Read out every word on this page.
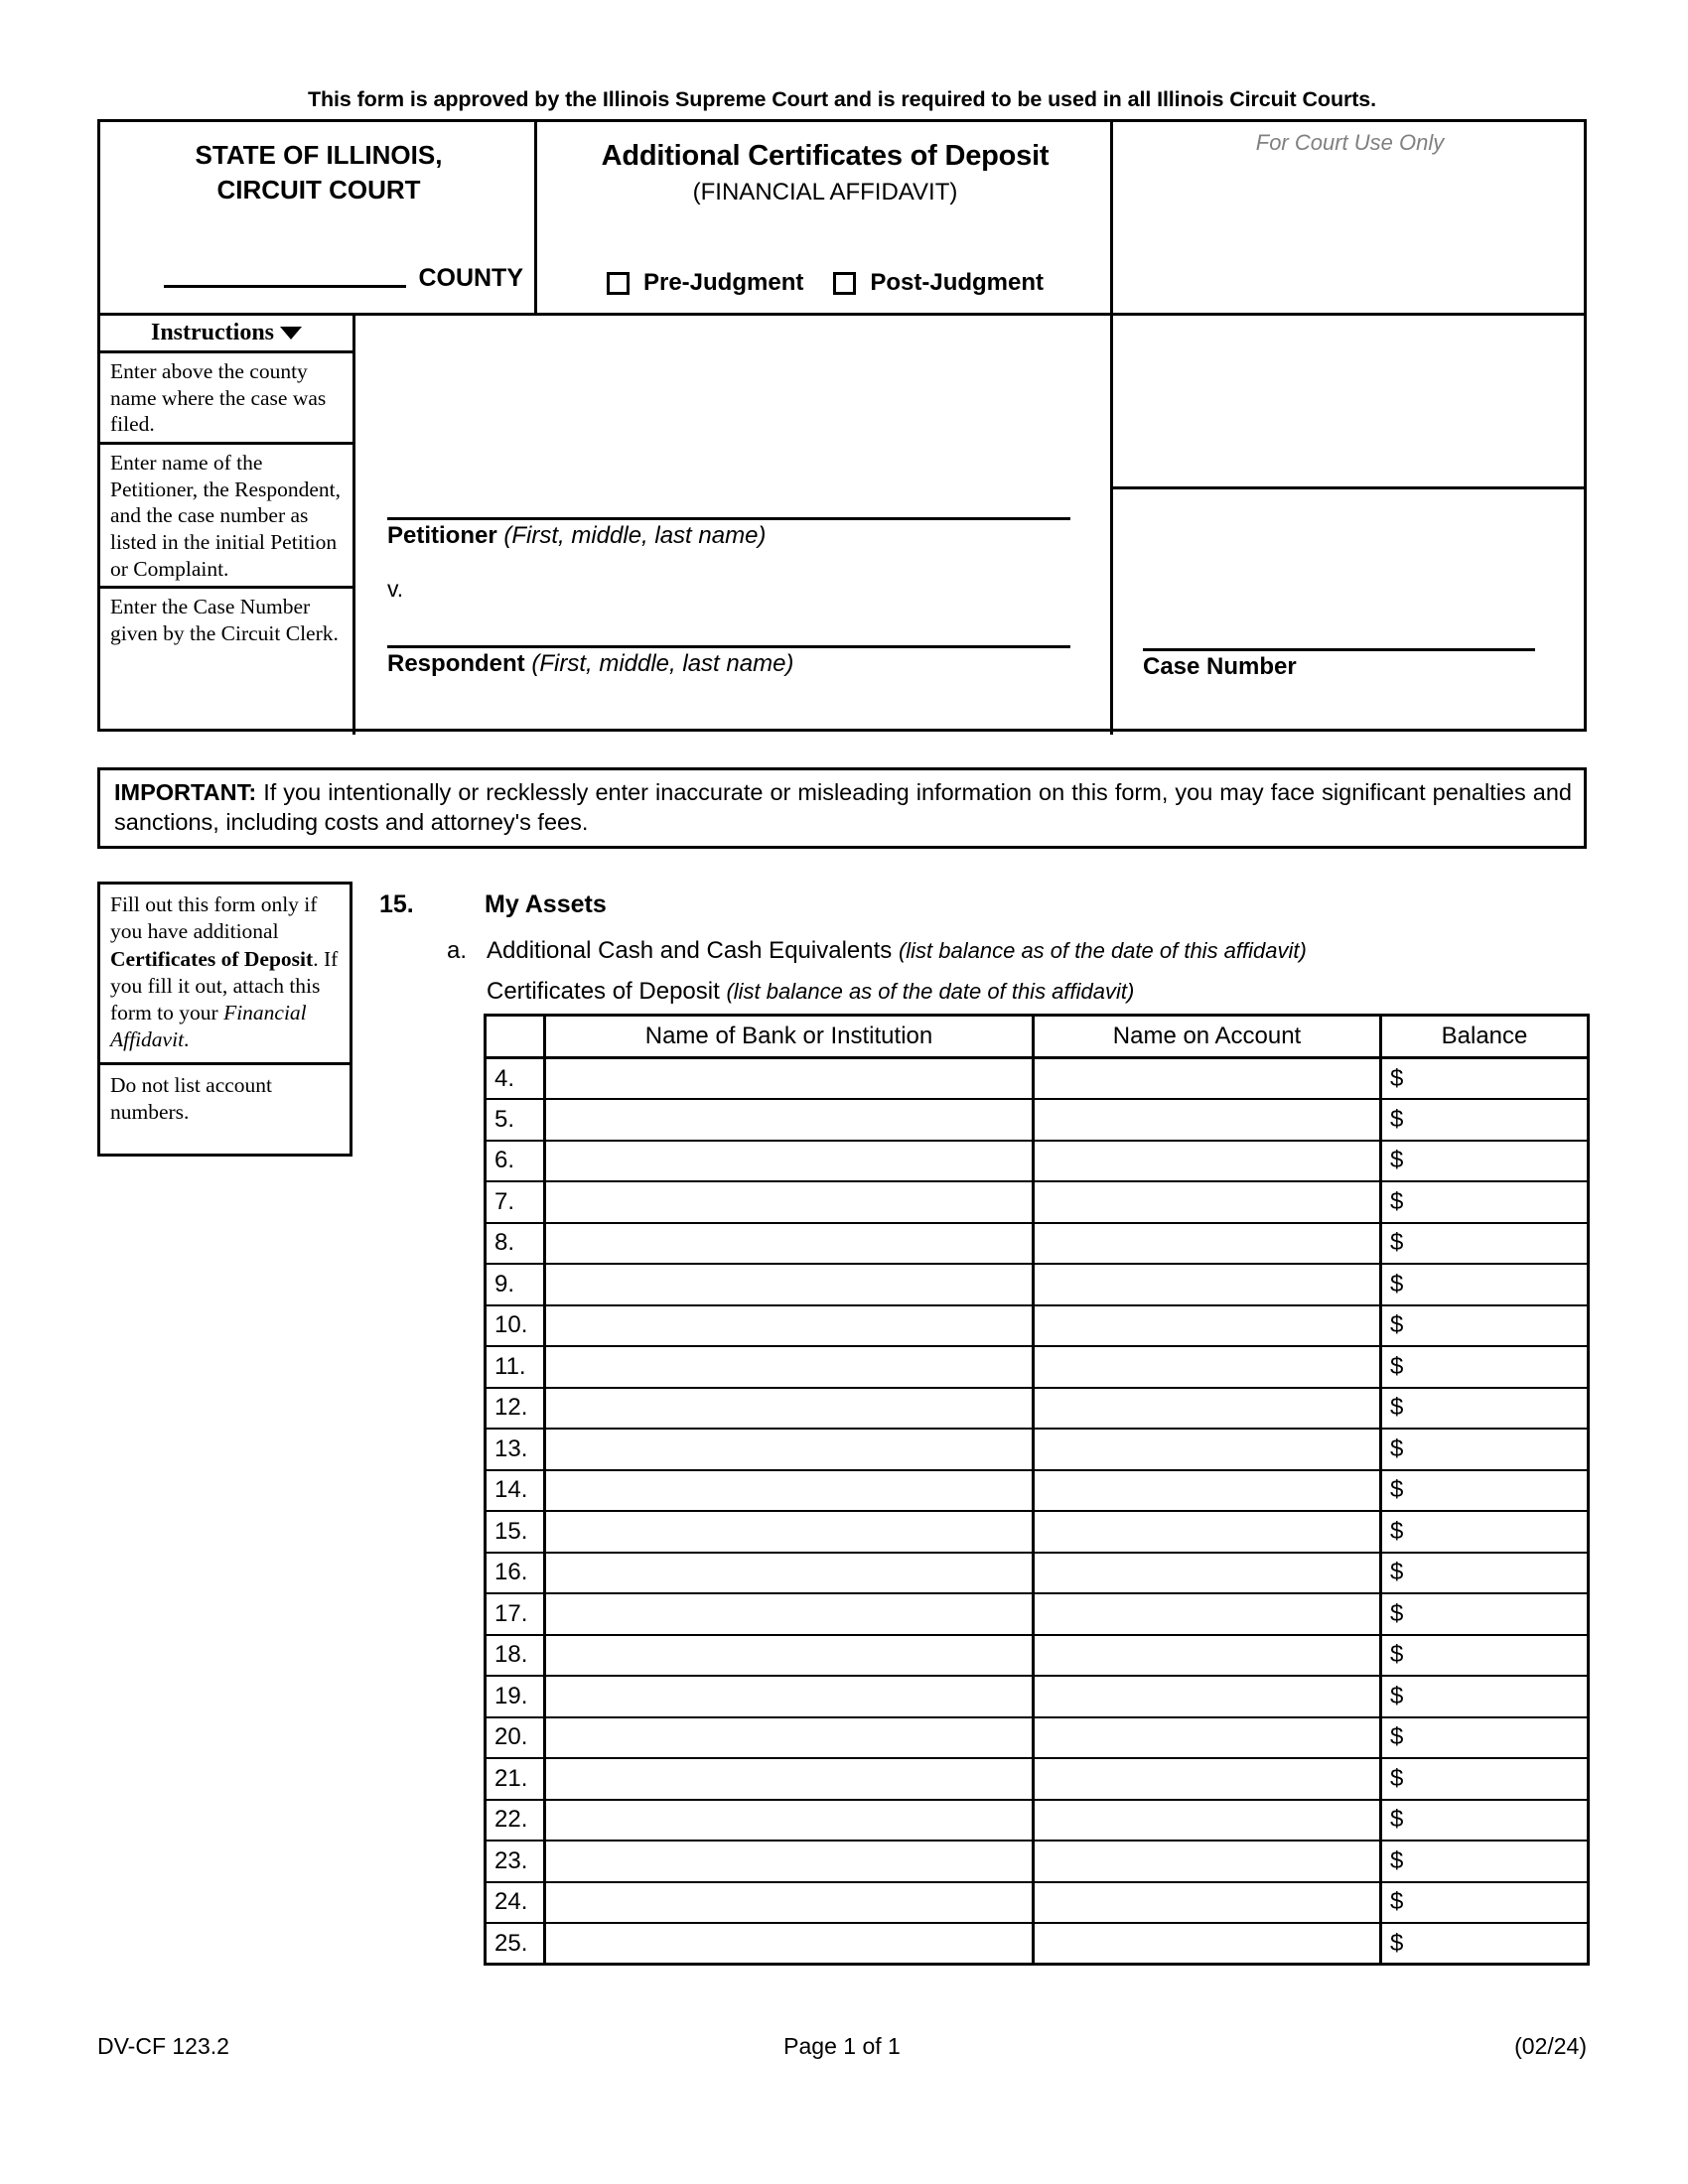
This form is approved by the Illinois Supreme Court and is required to be used in all Illinois Circuit Courts.
STATE OF ILLINOIS,
CIRCUIT COURT
COUNTY
Additional Certificates of Deposit
(FINANCIAL AFFIDAVIT)
Pre-Judgment	Post-Judgment
For Court Use Only
Instructions
Enter above the county name where the case was filed.
Enter name of the Petitioner, the Respondent, and the case number as listed in the initial Petition or Complaint.
Enter the Case Number given by the Circuit Clerk.
Petitioner (First, middle, last name)
v.
Respondent (First, middle, last name)	Case Number
IMPORTANT: If you intentionally or recklessly enter inaccurate or misleading information on this form, you may face significant penalties and sanctions, including costs and attorney's fees.
Fill out this form only if you have additional Certificates of Deposit. If you fill it out, attach this form to your Financial Affidavit.
Do not list account numbers.
15.	My Assets
a. Additional Cash and Cash Equivalents (list balance as of the date of this affidavit)
Certificates of Deposit (list balance as of the date of this affidavit)
	Name of Bank or Institution	Name on Account	Balance
4.			$
5.			$
6.			$
7.			$
8.			$
9.			$
10.			$
11.			$
12.			$
13.			$
14.			$
15.			$
16.			$
17.			$
18.			$
19.			$
20.			$
21.			$
22.			$
23.			$
24.			$
25.			$
DV-CF 123.2	Page 1 of 1	(02/24)
